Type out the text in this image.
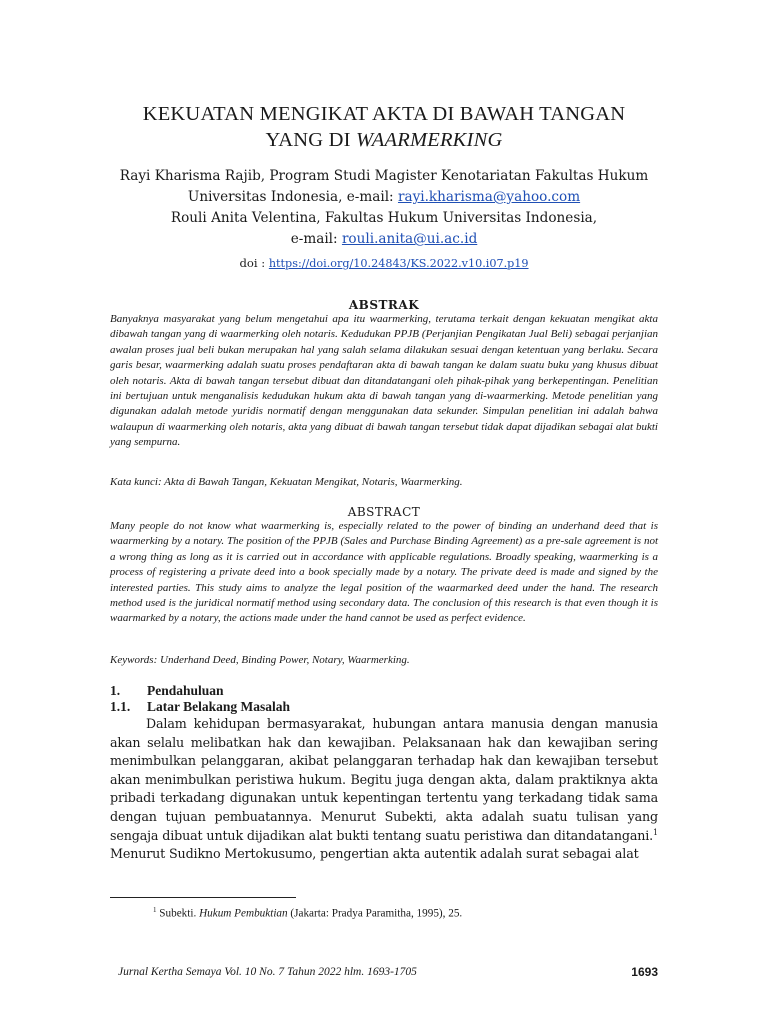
KEKUATAN MENGIKAT AKTA DI BAWAH TANGAN
YANG DI WAARMERKING
Rayi Kharisma Rajib, Program Studi Magister Kenotariatan Fakultas Hukum
Universitas Indonesia, e-mail: rayi.kharisma@yahoo.com
Rouli Anita Velentina, Fakultas Hukum Universitas Indonesia,
e-mail: rouli.anita@ui.ac.id
doi : https://doi.org/10.24843/KS.2022.v10.i07.p19
ABSTRAK

Banyaknya masyarakat yang belum mengetahui apa itu waarmerking, terutama terkait dengan kekuatan mengikat akta dibawah tangan yang di waarmerking oleh notaris. Kedudukan PPJB (Perjanjian Pengikatan Jual Beli) sebagai perjanjian awalan proses jual beli bukan merupakan hal yang salah selama dilakukan sesuai dengan ketentuan yang berlaku. Secara garis besar, waarmerking adalah suatu proses pendaftaran akta di bawah tangan ke dalam suatu buku yang khusus dibuat oleh notaris. Akta di bawah tangan tersebut dibuat dan ditandatangani oleh pihak-pihak yang berkepentingan. Penelitian ini bertujuan untuk menganalisis kedudukan hukum akta di bawah tangan yang di-waarmerking. Metode penelitian yang digunakan adalah metode yuridis normatif dengan menggunakan data sekunder. Simpulan penelitian ini adalah bahwa walaupun di waarmerking oleh notaris, akta yang dibuat di bawah tangan tersebut tidak dapat dijadikan sebagai alat bukti yang sempurna.

Kata kunci: Akta di Bawah Tangan, Kekuatan Mengikat, Notaris, Waarmerking.

ABSTRACT

Many people do not know what waarmerking is, especially related to the power of binding an underhand deed that is waarmerking by a notary. The position of the PPJB (Sales and Purchase Binding Agreement) as a pre-sale agreement is not a wrong thing as long as it is carried out in accordance with applicable regulations. Broadly speaking, waarmerking is a process of registering a private deed into a book specially made by a notary. The private deed is made and signed by the interested parties. This study aims to analyze the legal position of the waarmarked deed under the hand. The research method used is the juridical normatif method using secondary data. The conclusion of this research is that even though it is waarmarked by a notary, the actions made under the hand cannot be used as perfect evidence.

Keywords: Underhand Deed, Binding Power, Notary, Waarmerking.

1. Pendahuluan

1.1. Latar Belakang Masalah

Dalam kehidupan bermasyarakat, hubungan antara manusia dengan manusia akan selalu melibatkan hak dan kewajiban. Pelaksanaan hak dan kewajiban sering menimbulkan pelanggaran, akibat pelanggaran terhadap hak dan kewajiban tersebut akan menimbulkan peristiwa hukum. Begitu juga dengan akta, dalam praktiknya akta pribadi terkadang digunakan untuk kepentingan tertentu yang terkadang tidak sama dengan tujuan pembuatannya. Menurut Subekti, akta adalah suatu tulisan yang sengaja dibuat untuk dijadikan alat bukti tentang suatu peristiwa dan ditandatangani.$^1$ Menurut Sudikno Mertokusumo, pengertian akta autentik adalah surat sebagai alat

$^1$ Subekti. Hukum Pembuktian (Jakarta: Pradya Paramitha, 1995), 25.

Jurnal Kertha Semaya Vol. 10 No. 7 Tahun 2022 hlm. 1693-1705	1693
